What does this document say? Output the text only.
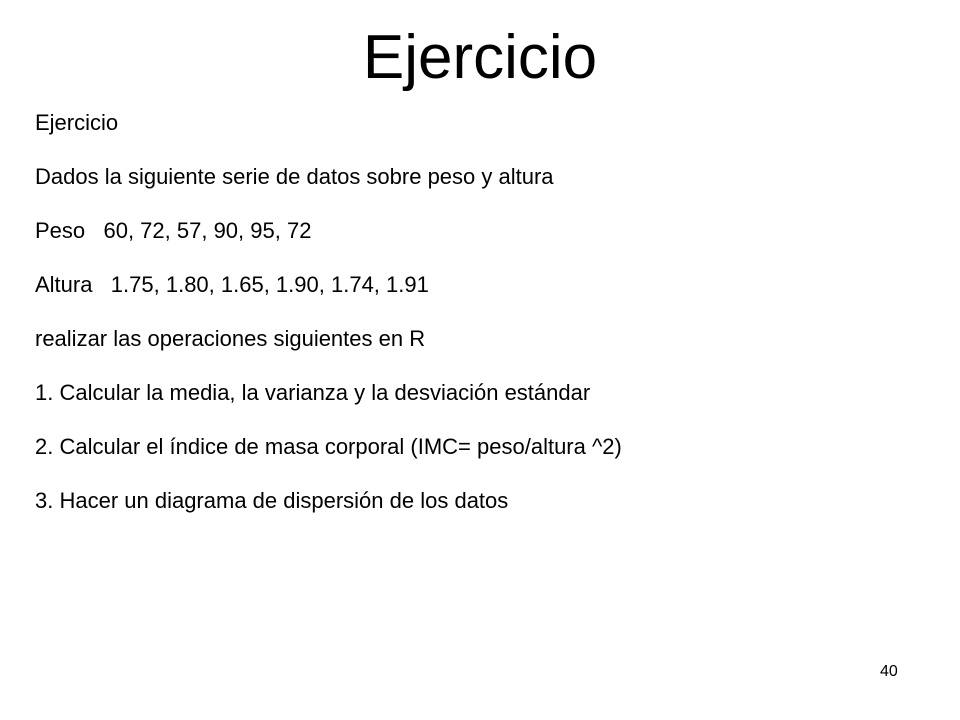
Ejercicio
Ejercicio
Dados la siguiente serie de datos sobre peso y altura
Peso   60, 72, 57, 90, 95, 72
Altura   1.75, 1.80, 1.65, 1.90, 1.74, 1.91
realizar las operaciones siguientes en R
1. Calcular la media, la varianza y la desviación estándar
2. Calcular el índice de masa corporal (IMC= peso/altura ^2)
3. Hacer un diagrama de dispersión de los datos
40
